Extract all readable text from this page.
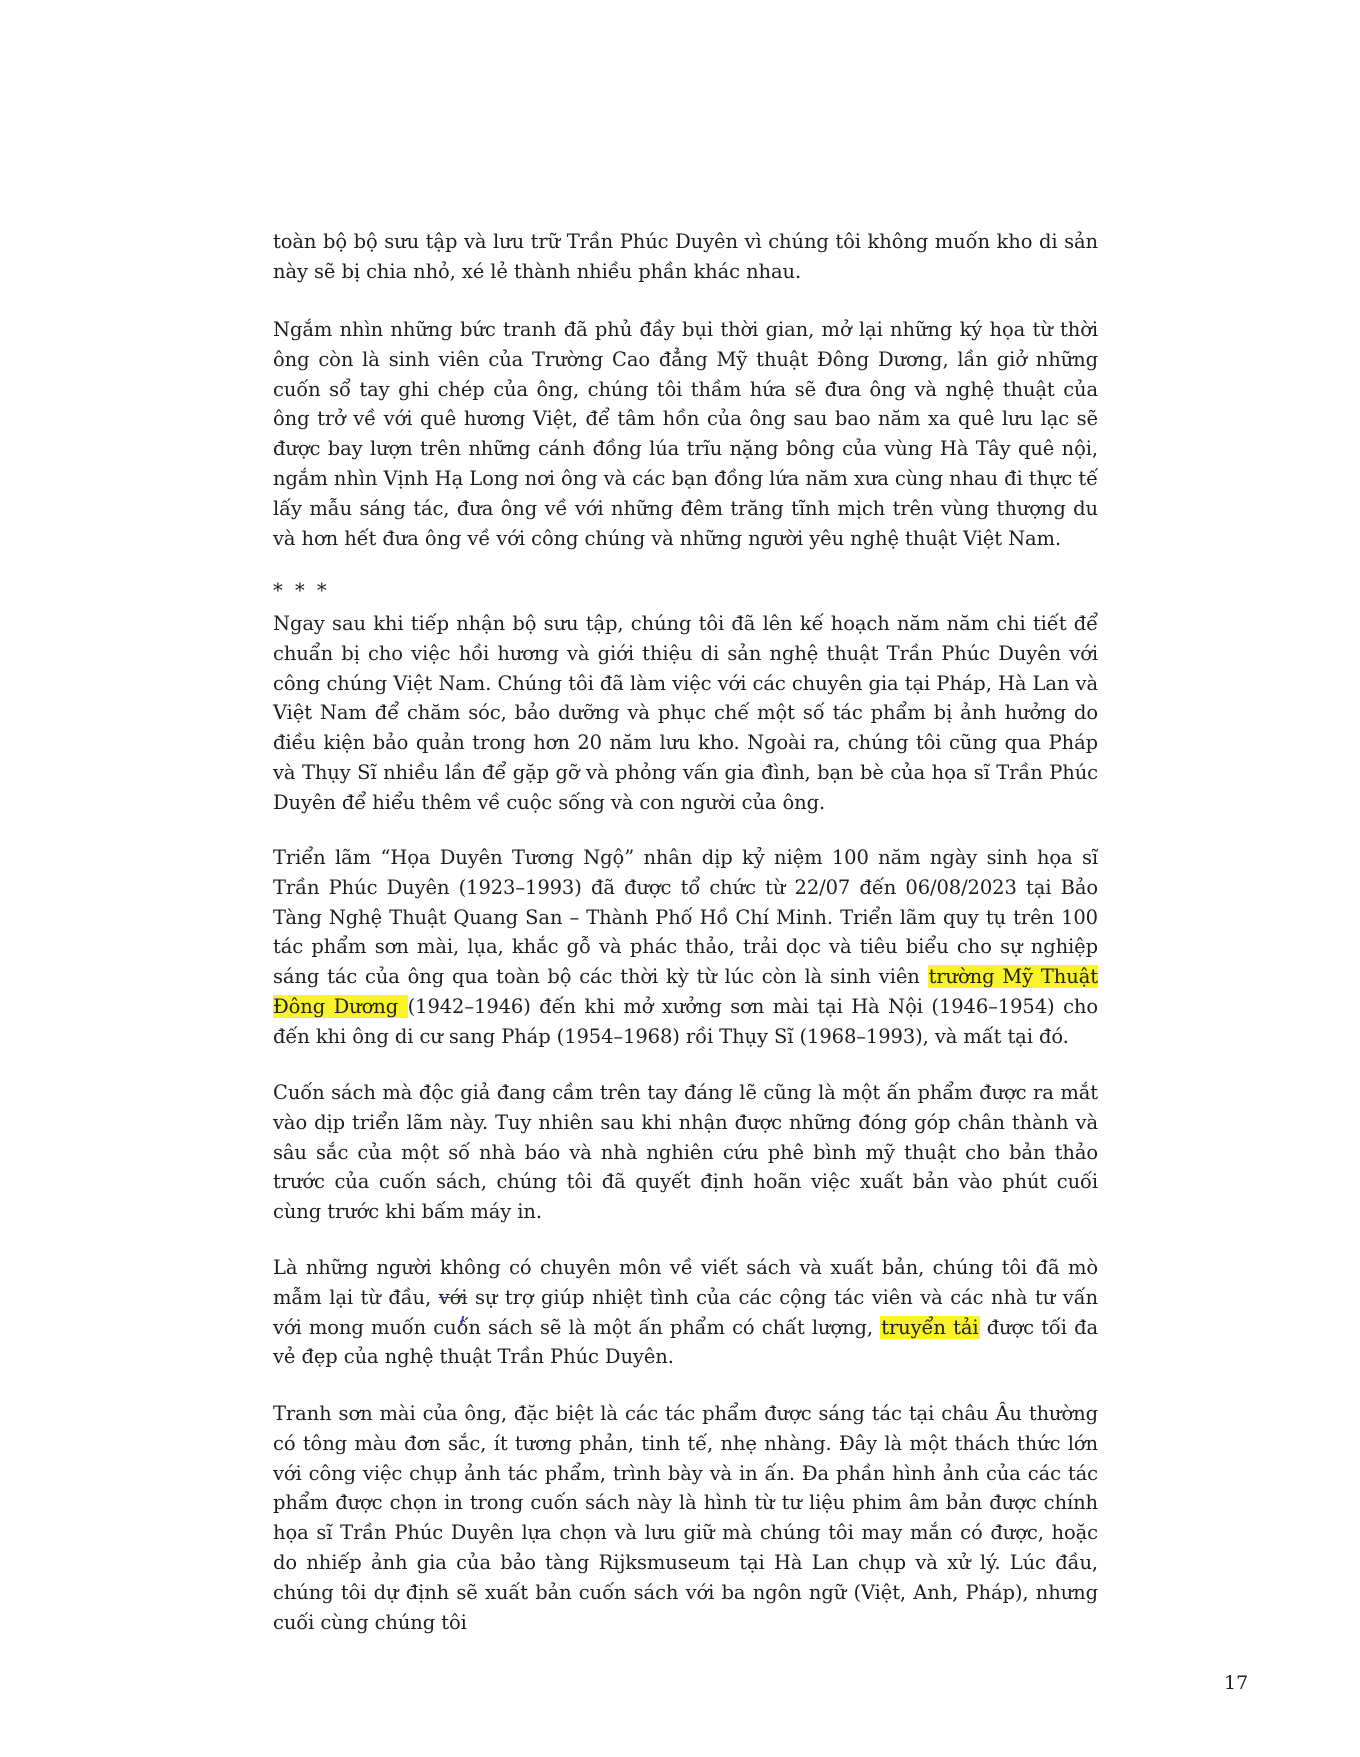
toàn bộ bộ sưu tập và lưu trữ Trần Phúc Duyên vì chúng tôi không muốn kho di sản này sẽ bị chia nhỏ, xé lẻ thành nhiều phần khác nhau.

Ngắm nhìn những bức tranh đã phủ đầy bụi thời gian, mở lại những ký họa từ thời ông còn là sinh viên của Trường Cao đẳng Mỹ thuật Đông Dương, lần giở những cuốn sổ tay ghi chép của ông, chúng tôi thầm hứa sẽ đưa ông và nghệ thuật của ông trở về với quê hương Việt, để tâm hồn của ông sau bao năm xa quê lưu lạc sẽ được bay lượn trên những cánh đồng lúa trĩu nặng bông của vùng Hà Tây quê nội, ngắm nhìn Vịnh Hạ Long nơi ông và các bạn đồng lứa năm xưa cùng nhau đi thực tế lấy mẫu sáng tác, đưa ông về với những đêm trăng tĩnh mịch trên vùng thượng du và hơn hết đưa ông về với công chúng và những người yêu nghệ thuật Việt Nam.

* * *

Ngay sau khi tiếp nhận bộ sưu tập, chúng tôi đã lên kế hoạch năm năm chi tiết để chuẩn bị cho việc hồi hương và giới thiệu di sản nghệ thuật Trần Phúc Duyên với công chúng Việt Nam. Chúng tôi đã làm việc với các chuyên gia tại Pháp, Hà Lan và Việt Nam để chăm sóc, bảo dưỡng và phục chế một số tác phẩm bị ảnh hưởng do điều kiện bảo quản trong hơn 20 năm lưu kho. Ngoài ra, chúng tôi cũng qua Pháp và Thụy Sĩ nhiều lần để gặp gỡ và phỏng vấn gia đình, bạn bè của họa sĩ Trần Phúc Duyên để hiểu thêm về cuộc sống và con người của ông.

Triển lãm “Họa Duyên Tương Ngộ” nhân dịp kỷ niệm 100 năm ngày sinh họa sĩ Trần Phúc Duyên (1923–1993) đã được tổ chức từ 22/07 đến 06/08/2023 tại Bảo Tàng Nghệ Thuật Quang San – Thành Phố Hồ Chí Minh. Triển lãm quy tụ trên 100 tác phẩm sơn mài, lụa, khắc gỗ và phác thảo, trải dọc và tiêu biểu cho sự nghiệp sáng tác của ông qua toàn bộ các thời kỳ từ lúc còn là sinh viên trường Mỹ Thuật Đông Dương (1942–1946) đến khi mở xưởng sơn mài tại Hà Nội (1946–1954) cho đến khi ông di cư sang Pháp (1954–1968) rồi Thụy Sĩ (1968–1993), và mất tại đó.

Cuốn sách mà độc giả đang cầm trên tay đáng lẽ cũng là một ấn phẩm được ra mắt vào dịp triển lãm này. Tuy nhiên sau khi nhận được những đóng góp chân thành và sâu sắc của một số nhà báo và nhà nghiên cứu phê bình mỹ thuật cho bản thảo trước của cuốn sách, chúng tôi đã quyết định hoãn việc xuất bản vào phút cuối cùng trước khi bấm máy in.

Là những người không có chuyên môn về viết sách và xuất bản, chúng tôi đã mò mẫm lại từ đầu, với sự trợ giúp nhiệt tình của các cộng tác viên và các nhà tư vấn với mong muốn cuốn sách sẽ là một ấn phẩm có chất lượng, truyển tải được tối đa vẻ đẹp của nghệ thuật Trần Phúc Duyên.

Tranh sơn mài của ông, đặc biệt là các tác phẩm được sáng tác tại châu Âu thường có tông màu đơn sắc, ít tương phản, tinh tế, nhẹ nhàng. Đây là một thách thức lớn với công việc chụp ảnh tác phẩm, trình bày và in ấn. Đa phần hình ảnh của các tác phẩm được chọn in trong cuốn sách này là hình từ tư liệu phim âm bản được chính họa sĩ Trần Phúc Duyên lựa chọn và lưu giữ mà chúng tôi may mắn có được, hoặc do nhiếp ảnh gia của bảo tàng Rijksmuseum tại Hà Lan chụp và xử lý. Lúc đầu, chúng tôi dự định sẽ xuất bản cuốn sách với ba ngôn ngữ (Việt, Anh, Pháp), nhưng cuối cùng chúng tôi

17
